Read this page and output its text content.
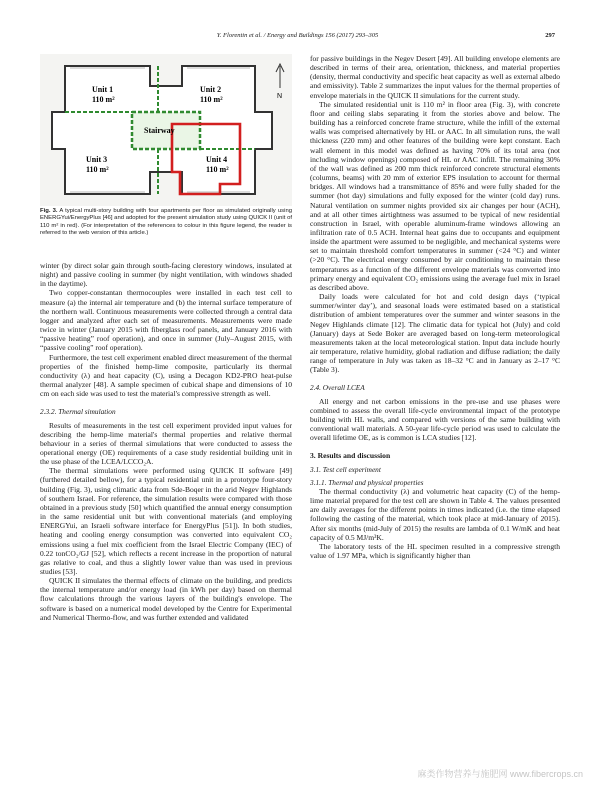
Y. Florentin et al. / Energy and Buildings 156 (2017) 293–305	297
N
Unit 1
110 m²
Unit 2
110 m²
Unit 3
110 m²
Unit 4
110 m²
Stairway
Fig. 3. A typical multi-story building with four apartments per floor as simulated originally using ENERGYui/EnergyPlus [46] and adopted for the present simulation study using QUICK II (unit of 110 m² in red). (For interpretation of the references to colour in this figure legend, the reader is referred to the web version of this article.)

winter (by direct solar gain through south-facing clerestory windows, insulated at night) and passive cooling in summer (by night ventilation, with windows shaded in the daytime).

Two copper-constantan thermocouples were installed in each test cell to measure (a) the internal air temperature and (b) the internal surface temperature of the northern wall. Continuous measurements were collected through a central data logger and analyzed after each set of measurements. Measurements were made twice in winter (January 2015 with fiberglass roof panels, and January 2016 with “passive heating” roof operation), and once in summer (July–August 2015, with “passive cooling” roof operation).

Furthermore, the test cell experiment enabled direct measurement of the thermal properties of the finished hemp-lime composite, particularly its thermal conductivity (λ) and heat capacity (C), using a Decagon KD2-PRO heat-pulse thermal analyzer [48]. A sample specimen of cubical shape and dimensions of 10 cm on each side was used to test the material's compressive strength as well.

2.3.2. Thermal simulation

Results of measurements in the test cell experiment provided input values for describing the hemp-lime material's thermal properties and relative thermal behaviour in a series of thermal simulations that were conducted to assess the operational energy (OE) requirements of a case study residential building unit in the use phase of the LCEA/LCCO₂A.

The thermal simulations were performed using QUICK II software [49] (furthered detailed bellow), for a typical residential unit in a prototype four-story building (Fig. 3), using climatic data from Sde-Boqer in the arid Negev Highlands of southern Israel. For reference, the simulation results were compared with those obtained in a previous study [50] which quantified the annual energy consumption in the same residential unit but with conventional materials (and employing ENERGYui, an Israeli software interface for EnergyPlus [51]). In both studies, heating and cooling energy consumption was converted into equivalent CO₂ emissions using a fuel mix coefficient from the Israel Electric Company (IEC) of 0.22 tonCO₂/GJ [52], which reflects a recent increase in the proportion of natural gas relative to coal, and thus a slightly lower value than was used in previous studies [53].

QUICK II simulates the thermal effects of climate on the building, and predicts the internal temperature and/or energy load (in kWh per day) based on thermal flow calculations through the various layers of the building's envelope. The software is based on a numerical model developed by the Centre for Experimental and Numerical Thermo-flow, and was further extended and validated

for passive buildings in the Negev Desert [49]. All building envelope elements are described in terms of their area, orientation, thickness, and material properties (density, thermal conductivity and specific heat capacity as well as external albedo and emissivity). Table 2 summarizes the input values for the thermal properties of envelope materials in the QUICK II simulations for the current study.

The simulated residential unit is 110 m² in floor area (Fig. 3), with concrete floor and ceiling slabs separating it from the stories above and below. The building has a reinforced concrete frame structure, while the infill of the external walls was comprised alternatively by HL or AAC. In all simulation runs, the wall thickness (220 mm) and other features of the building were kept constant. Each wall element in this model was defined as having 70% of its total area (not including window openings) composed of HL or AAC infill. The remaining 30% of the wall was defined as 200 mm thick reinforced concrete structural elements (columns, beams) with 20 mm of exterior EPS insulation to account for thermal bridges. All windows had a transmittance of 85% and were fully shaded for the summer (hot day) simulations and fully exposed for the winter (cold day) runs. Natural ventilation on summer nights provided six air changes per hour (ACH), and at all other times airtightness was assumed to be typical of new residential construction in Israel, with operable aluminum-frame windows allowing an infiltration rate of 0.5 ACH. Internal heat gains due to occupants and equipment inside the apartment were assumed to be negligible, and mechanical systems were set to maintain threshold comfort temperatures in summer (<24 °C) and winter (>20 °C). The electrical energy consumed by air conditioning to maintain these temperatures as a function of the different envelope materials was converted into primary energy and equivalent CO₂ emissions using the average fuel mix in Israel as described above.

Daily loads were calculated for hot and cold design days (‘typical summer/winter day’), and seasonal loads were estimated based on a statistical distribution of ambient temperatures over the summer and winter seasons in the Negev Highlands climate [12]. The climatic data for typical hot (July) and cold (January) days at Sede Boker are averaged based on long-term meteorological measurements taken at the local meteorological station. Input data include hourly air temperature, relative humidity, global radiation and diffuse radiation; the daily range of temperature in July was taken as 18–32 °C and in January as 2–17 °C (Table 3).

2.4. Overall LCEA

All energy and net carbon emissions in the pre-use and use phases were combined to assess the overall life-cycle environmental impact of the prototype building with HL walls, and compared with versions of the same building with conventional wall materials. A 50-year life-cycle period was used to calculate the overall lifetime OE, as is common is LCA studies [12].

3. Results and discussion
3.1. Test cell experiment
3.1.1. Thermal and physical properties

The thermal conductivity (λ) and volumetric heat capacity (C) of the hemp-lime material prepared for the test cell are shown in Table 4. The values presented are daily averages for the different points in times indicated (i.e. the time elapsed following the casting of the material, which took place at mid-January of 2015). After six months (mid-July of 2015) the results are lambda of 0.1 W/mK and heat capacity of 0.5 MJ/m³K.

The laboratory tests of the HL specimen resulted in a compressive strength value of 1.97 MPa, which is significantly higher than

麻类作物营养与施肥网 www.fibercrops.cn
